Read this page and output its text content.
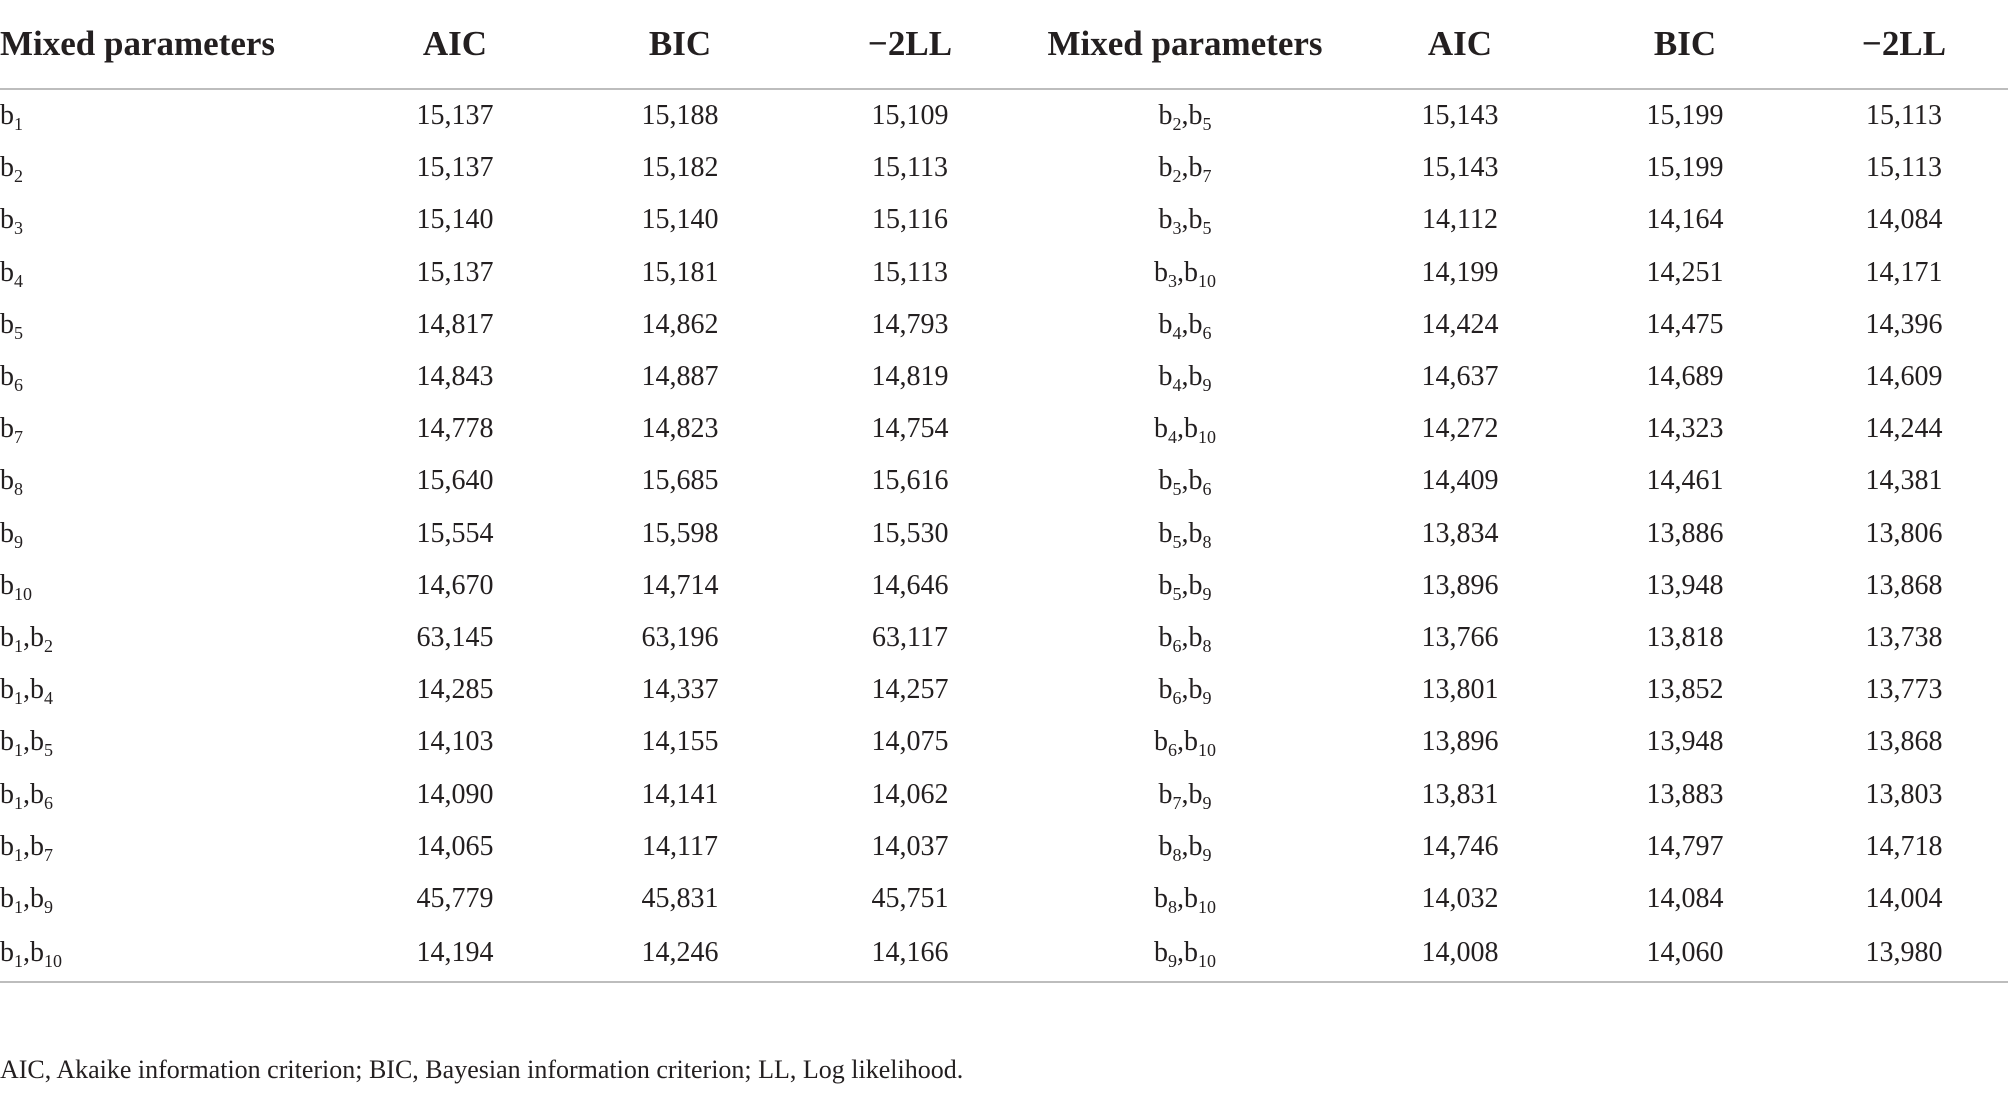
Mixed parameters	AIC	BIC	−2LL	Mixed parameters	AIC	BIC	−2LL
$b_1$	15,137	15,188	15,109	$b_2,b_5$	15,143	15,199	15,113
$b_2$	15,137	15,182	15,113	$b_2,b_7$	15,143	15,199	15,113
$b_3$	15,140	15,140	15,116	$b_3,b_5$	14,112	14,164	14,084
$b_4$	15,137	15,181	15,113	$b_3,b_{10}$	14,199	14,251	14,171
$b_5$	14,817	14,862	14,793	$b_4,b_6$	14,424	14,475	14,396
$b_6$	14,843	14,887	14,819	$b_4,b_9$	14,637	14,689	14,609
$b_7$	14,778	14,823	14,754	$b_4,b_{10}$	14,272	14,323	14,244
$b_8$	15,640	15,685	15,616	$b_5,b_6$	14,409	14,461	14,381
$b_9$	15,554	15,598	15,530	$b_5,b_8$	13,834	13,886	13,806
$b_{10}$	14,670	14,714	14,646	$b_5,b_9$	13,896	13,948	13,868
$b_1,b_2$	63,145	63,196	63,117	$b_6,b_8$	13,766	13,818	13,738
$b_1,b_4$	14,285	14,337	14,257	$b_6,b_9$	13,801	13,852	13,773
$b_1,b_5$	14,103	14,155	14,075	$b_6,b_{10}$	13,896	13,948	13,868
$b_1,b_6$	14,090	14,141	14,062	$b_7,b_9$	13,831	13,883	13,803
$b_1,b_7$	14,065	14,117	14,037	$b_8,b_9$	14,746	14,797	14,718
$b_1,b_9$	45,779	45,831	45,751	$b_8,b_{10}$	14,032	14,084	14,004
$b_1,b_{10}$	14,194	14,246	14,166	$b_9,b_{10}$	14,008	14,060	13,980
AIC, Akaike information criterion; BIC, Bayesian information criterion; LL, Log likelihood.
